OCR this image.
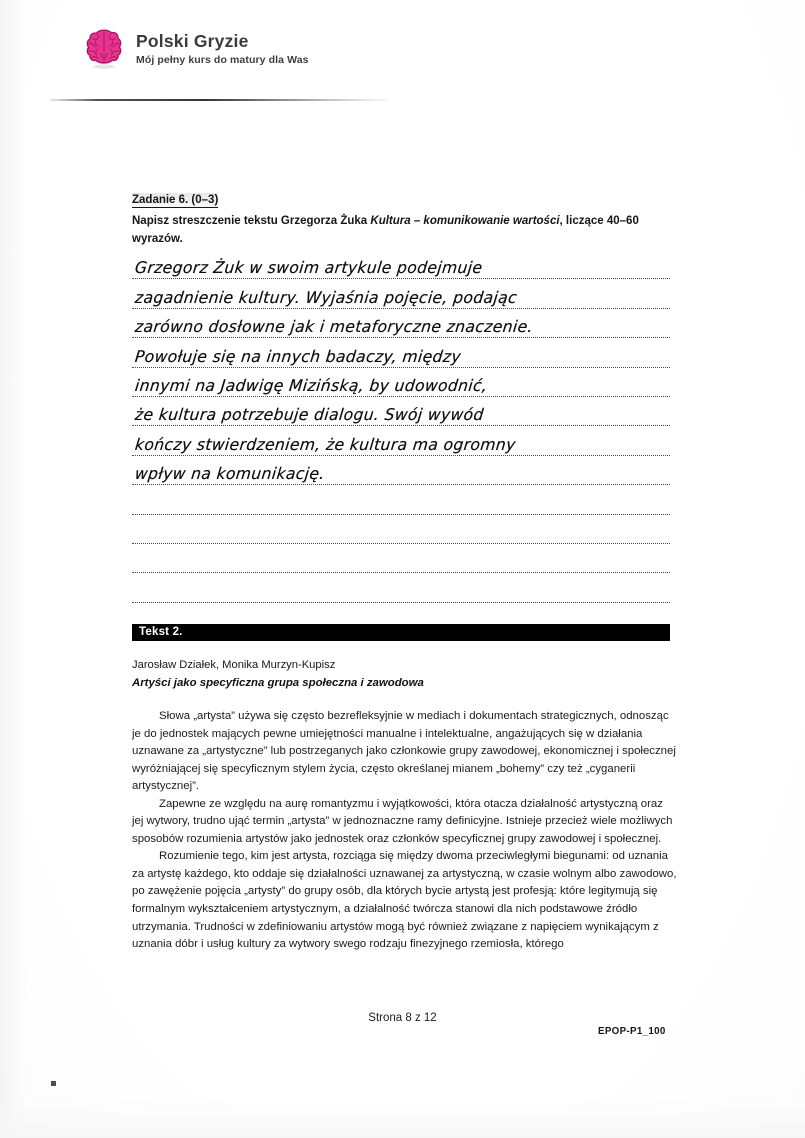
Polski Gryzie
Mój pełny kurs do matury dla Was
Zadanie 6. (0–3)
Napisz streszczenie tekstu Grzegorza Żuka Kultura – komunikowanie wartości, liczące 40–60 wyrazów.
Grzegorz Żuk w swoim artykule podejmuje
zagadnienie kultury. Wyjaśnia pojęcie, podając
zarówno dosłowne jak i metaforyczne znaczenie.
Powołuje się na innych badaczy, między
innymi na Jadwigę Mizińską, by udowodnić,
że kultura potrzebuje dialogu. Swój wywód
kończy stwierdzeniem, że kultura ma ogromny
wpływ na komunikację.
Tekst 2.
Jarosław Działek, Monika Murzyn-Kupisz
Artyści jako specyficzna grupa społeczna i zawodowa

Słowa „artysta” używa się często bezrefleksyjnie w mediach i dokumentach strategicznych, odnosząc je do jednostek mających pewne umiejętności manualne i intelektualne, angażujących się w działania uznawane za „artystyczne” lub postrzeganych jako członkowie grupy zawodowej, ekonomicznej i społecznej wyróżniającej się specyficznym stylem życia, często określanej mianem „bohemy” czy też „cyganerii artystycznej”.

Zapewne ze względu na aurę romantyzmu i wyjątkowości, która otacza działalność artystyczną oraz jej wytwory, trudno ująć termin „artysta” w jednoznaczne ramy definicyjne. Istnieje przecież wiele możliwych sposobów rozumienia artystów jako jednostek oraz członków specyficznej grupy zawodowej i społecznej.

Rozumienie tego, kim jest artysta, rozciąga się między dwoma przeciwległymi biegunami: od uznania za artystę każdego, kto oddaje się działalności uznawanej za artystyczną, w czasie wolnym albo zawodowo, po zawężenie pojęcia „artysty” do grupy osób, dla których bycie artystą jest profesją: które legitymują się formalnym wykształceniem artystycznym, a działalność twórcza stanowi dla nich podstawowe źródło utrzymania. Trudności w zdefiniowaniu artystów mogą być również związane z napięciem wynikającym z uznania dóbr i usług kultury za wytwory swego rodzaju finezyjnego rzemiosła, którego

Strona 8 z 12
EPOP-P1_100
